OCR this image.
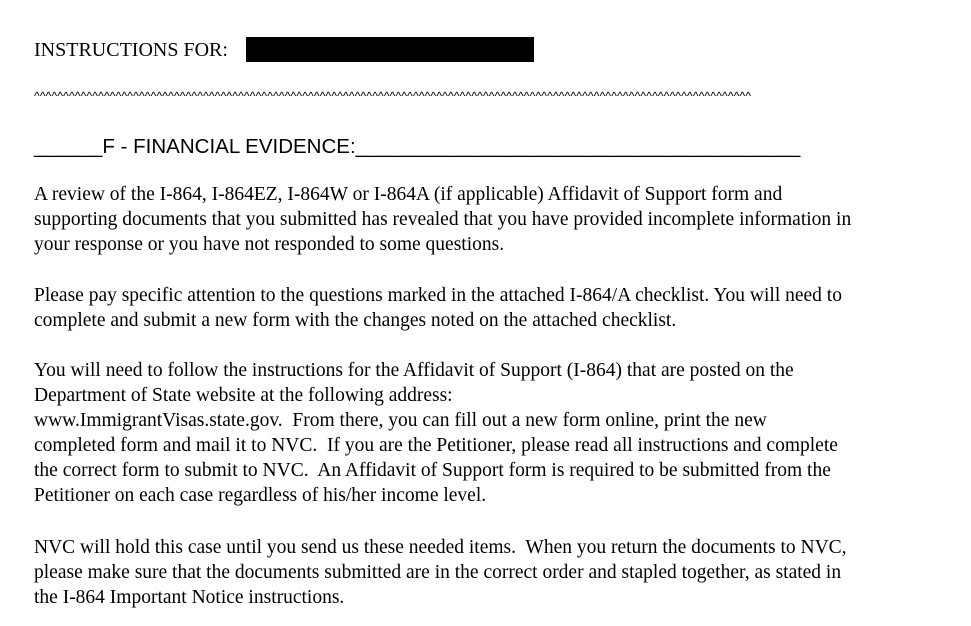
INSTRUCTIONS FOR:
^^^^^^^^^^^^^^^^^^^^^^^^^^^^^^^^^^^^^^^^^^^^^^^^^^^^^^^^^^^^^^^^^^^^^^^^^^^^^^^^^^^^^^^^^^^^^^^^^^^^^^^^^^^^^^^^^^^^^^^^^^^
______F - FINANCIAL EVIDENCE:_______________________________________
A review of the I-864, I-864EZ, I-864W or I-864A (if applicable) Affidavit of Support form and
supporting documents that you submitted has revealed that you have provided incomplete information in
your response or you have not responded to some questions.
Please pay specific attention to the questions marked in the attached I-864/A checklist. You will need to
complete and submit a new form with the changes noted on the attached checklist.
You will need to follow the instructions for the Affidavit of Support (I-864) that are posted on the
Department of State website at the following address:
www.ImmigrantVisas.state.gov.  From there, you can fill out a new form online, print the new
completed form and mail it to NVC.  If you are the Petitioner, please read all instructions and complete
the correct form to submit to NVC.  An Affidavit of Support form is required to be submitted from the
Petitioner on each case regardless of his/her income level.
NVC will hold this case until you send us these needed items.  When you return the documents to NVC,
please make sure that the documents submitted are in the correct order and stapled together, as stated in
the I-864 Important Notice instructions.
